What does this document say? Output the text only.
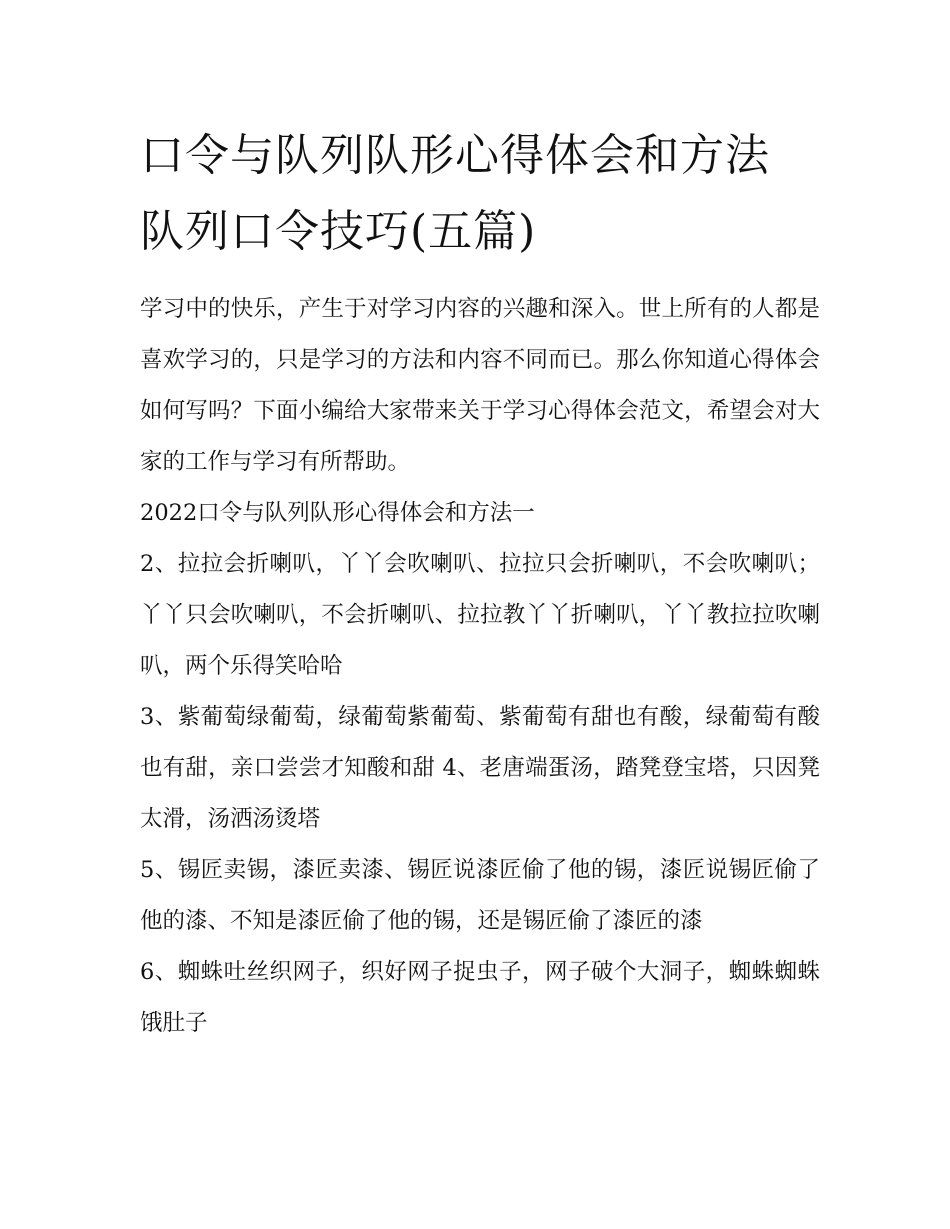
口令与队列队形心得体会和方法 队列口令技巧(五篇)

学习中的快乐，产生于对学习内容的兴趣和深入。世上所有的人都是喜欢学习的，只是学习的方法和内容不同而已。那么你知道心得体会如何写吗？下面小编给大家带来关于学习心得体会范文，希望会对大家的工作与学习有所帮助。

2022口令与队列队形心得体会和方法一

2、拉拉会折喇叭，丫丫会吹喇叭、拉拉只会折喇叭，不会吹喇叭；丫丫只会吹喇叭，不会折喇叭、拉拉教丫丫折喇叭，丫丫教拉拉吹喇叭，两个乐得笑哈哈

3、紫葡萄绿葡萄，绿葡萄紫葡萄、紫葡萄有甜也有酸，绿葡萄有酸也有甜，亲口尝尝才知酸和甜 4、老唐端蛋汤，踏凳登宝塔，只因凳太滑，汤洒汤烫塔

5、锡匠卖锡，漆匠卖漆、锡匠说漆匠偷了他的锡，漆匠说锡匠偷了他的漆、不知是漆匠偷了他的锡，还是锡匠偷了漆匠的漆

6、蜘蛛吐丝织网子，织好网子捉虫子，网子破个大洞子，蜘蛛蜘蛛饿肚子
